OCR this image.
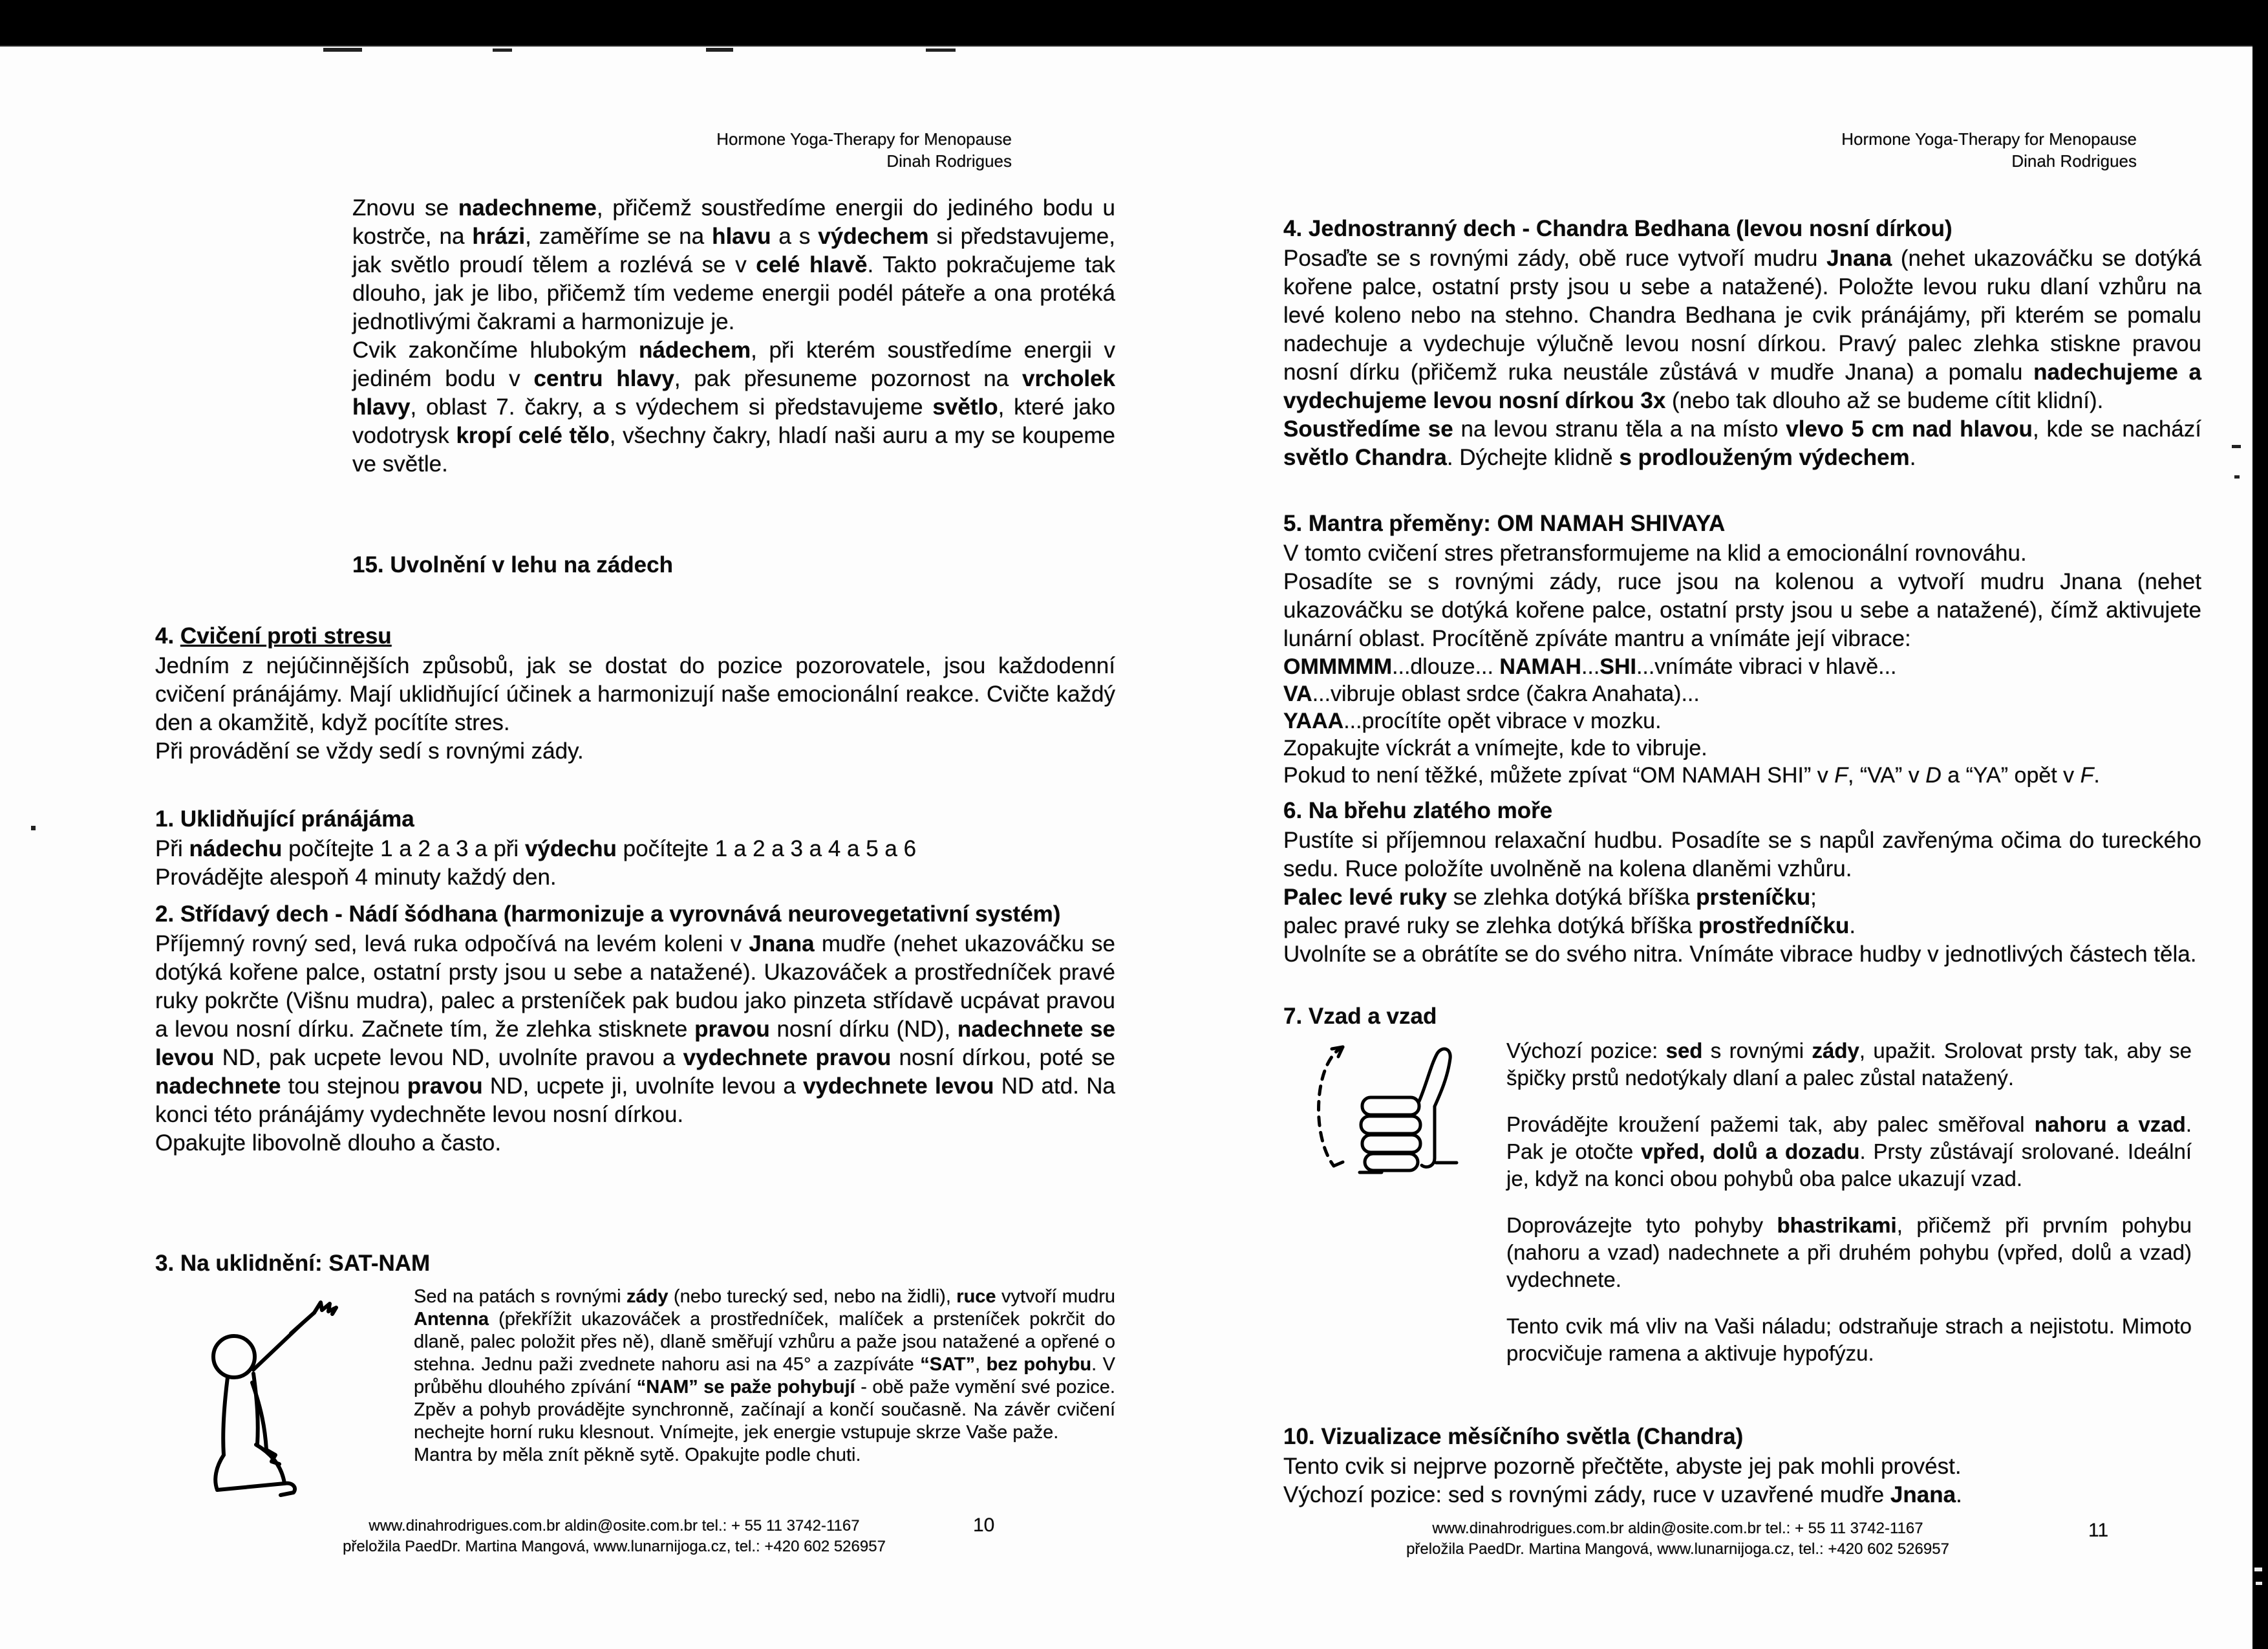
Hormone Yoga-Therapy for Menopause
Dinah Rodrigues

Znovu se nadechneme, přičemž soustředíme energii do jediného bodu u kostrče, na hrázi, zaměříme se na hlavu a s výdechem si představujeme, jak světlo proudí tělem a rozlévá se v celé hlavě. Takto pokračujeme tak dlouho, jak je libo, přičemž tím vedeme energii podél páteře a ona protéká jednotlivými čakrami a harmonizuje je.

Cvik zakončíme hlubokým nádechem, při kterém soustředíme energii v jediném bodu v centru hlavy, pak přesuneme pozornost na vrcholek hlavy, oblast 7. čakry, a s výdechem si představujeme světlo, které jako vodotrysk kropí celé tělo, všechny čakry, hladí naši auru a my se koupeme ve světle.

15. Uvolnění v lehu na zádech
4. Cvičení proti stresu
Jedním z nejúčinnějších způsobů, jak se dostat do pozice pozorovatele, jsou každodenní cvičení pránájámy. Mají uklidňující účinek a harmonizují naše emocionální reakce. Cvičte každý den a okamžitě, když pocítíte stres.
Při provádění se vždy sedí s rovnými zády.
1. Uklidňující pránájáma
Při nádechu počítejte 1 a 2 a 3 a při výdechu počítejte 1 a 2 a 3 a 4 a 5 a 6
Provádějte alespoň 4 minuty každý den.
2. Střídavý dech - Nádí šódhana (harmonizuje a vyrovnává neurovegetativní systém)
Příjemný rovný sed, levá ruka odpočívá na levém koleni v Jnana mudře (nehet ukazováčku se dotýká kořene palce, ostatní prsty jsou u sebe a natažené). Ukazováček a prostředníček pravé ruky pokrčte (Višnu mudra), palec a prsteníček pak budou jako pinzeta střídavě ucpávat pravou a levou nosní dírku. Začnete tím, že zlehka stisknete pravou nosní dírku (ND), nadechnete se levou ND, pak ucpete levou ND, uvolníte pravou a vydechnete pravou nosní dírkou, poté se nadechnete tou stejnou pravou ND, ucpete ji, uvolníte levou a vydechnete levou ND atd. Na konci této pránájámy vydechněte levou nosní dírkou.
Opakujte libovolně dlouho a často.
3. Na uklidnění: SAT-NAM

Sed na patách s rovnými zády (nebo turecký sed, nebo na židli), ruce vytvoří mudru Antenna (překřížit ukazováček a prostředníček, malíček a prsteníček pokrčit do dlaně, palec položit přes ně), dlaně směřují vzhůru a paže jsou natažené a opřené o stehna. Jednu paži zvednete nahoru asi na 45° a zazpíváte “SAT”, bez pohybu. V průběhu dlouhého zpívání “NAM” se paže pohybují - obě paže vymění své pozice. Zpěv a pohyb provádějte synchronně, začínají a končí současně. Na závěr cvičení nechejte horní ruku klesnout. Vnímejte, jek energie vstupuje skrze Vaše paže.

Mantra by měla znít pěkně sytě. Opakujte podle chuti.

www.dinahrodrigues.com.br aldin@osite.com.br tel.: + 55 11 3742-1167
přeložila PaedDr. Martina Mangová, www.lunarnijoga.cz, tel.: +420 602 526957
10
Hormone Yoga-Therapy for Menopause
Dinah Rodrigues
4. Jednostranný dech - Chandra Bedhana (levou nosní dírkou)
Posaďte se s rovnými zády, obě ruce vytvoří mudru Jnana (nehet ukazováčku se dotýká kořene palce, ostatní prsty jsou u sebe a natažené). Položte levou ruku dlaní vzhůru na levé koleno nebo na stehno. Chandra Bedhana je cvik pránájámy, při kterém se pomalu nadechuje a vydechuje výlučně levou nosní dírkou. Pravý palec zlehka stiskne pravou nosní dírku (přičemž ruka neustále zůstává v mudře Jnana) a pomalu nadechujeme a vydechujeme levou nosní dírkou 3x (nebo tak dlouho až se budeme cítit klidní).
Soustředíme se na levou stranu těla a na místo vlevo 5 cm nad hlavou, kde se nachází světlo Chandra. Dýchejte klidně s prodlouženým výdechem.
5. Mantra přeměny: OM NAMAH SHIVAYA
V tomto cvičení stres přetransformujeme na klid a emocionální rovnováhu.
Posadíte se s rovnými zády, ruce jsou na kolenou a vytvoří mudru Jnana (nehet ukazováčku se dotýká kořene palce, ostatní prsty jsou u sebe a natažené), čímž aktivujete lunární oblast. Procítěně zpíváte mantru a vnímáte její vibrace:
OMMMMM...dlouze... NAMAH...SHI...vnímáte vibraci v hlavě...
VA...vibruje oblast srdce (čakra Anahata)...
YAAA...procítíte opět vibrace v mozku.
Zopakujte víckrát a vnímejte, kde to vibruje.
Pokud to není těžké, můžete zpívat “OM NAMAH SHI” v F, “VA” v D a “YA” opět v F.
6. Na břehu zlatého moře
Pustíte si příjemnou relaxační hudbu. Posadíte se s napůl zavřenýma očima do tureckého sedu. Ruce položíte uvolněně na kolena dlaněmi vzhůru.
Palec levé ruky se zlehka dotýká bříška prsteníčku;
palec pravé ruky se zlehka dotýká bříška prostředníčku.
Uvolníte se a obrátíte se do svého nitra. Vnímáte vibrace hudby v jednotlivých částech těla.
7. Vzad a vzad

Výchozí pozice: sed s rovnými zády, upažit. Srolovat prsty tak, aby se špičky prstů nedotýkaly dlaní a palec zůstal natažený.

Provádějte kroužení pažemi tak, aby palec směřoval nahoru a vzad. Pak je otočte vpřed, dolů a dozadu. Prsty zůstávají srolované. Ideální je, když na konci obou pohybů oba palce ukazují vzad.

Doprovázejte tyto pohyby bhastrikami, přičemž při prvním pohybu (nahoru a vzad) nadechnete a při druhém pohybu (vpřed, dolů a vzad) vydechnete.

Tento cvik má vliv na Vaši náladu; odstraňuje strach a nejistotu. Mimoto procvičuje ramena a aktivuje hypofýzu.

10. Vizualizace měsíčního světla (Chandra)
Tento cvik si nejprve pozorně přečtěte, abyste jej pak mohli provést.
Výchozí pozice: sed s rovnými zády, ruce v uzavřené mudře Jnana.
www.dinahrodrigues.com.br aldin@osite.com.br tel.: + 55 11 3742-1167
přeložila PaedDr. Martina Mangová, www.lunarnijoga.cz, tel.: +420 602 526957
11
